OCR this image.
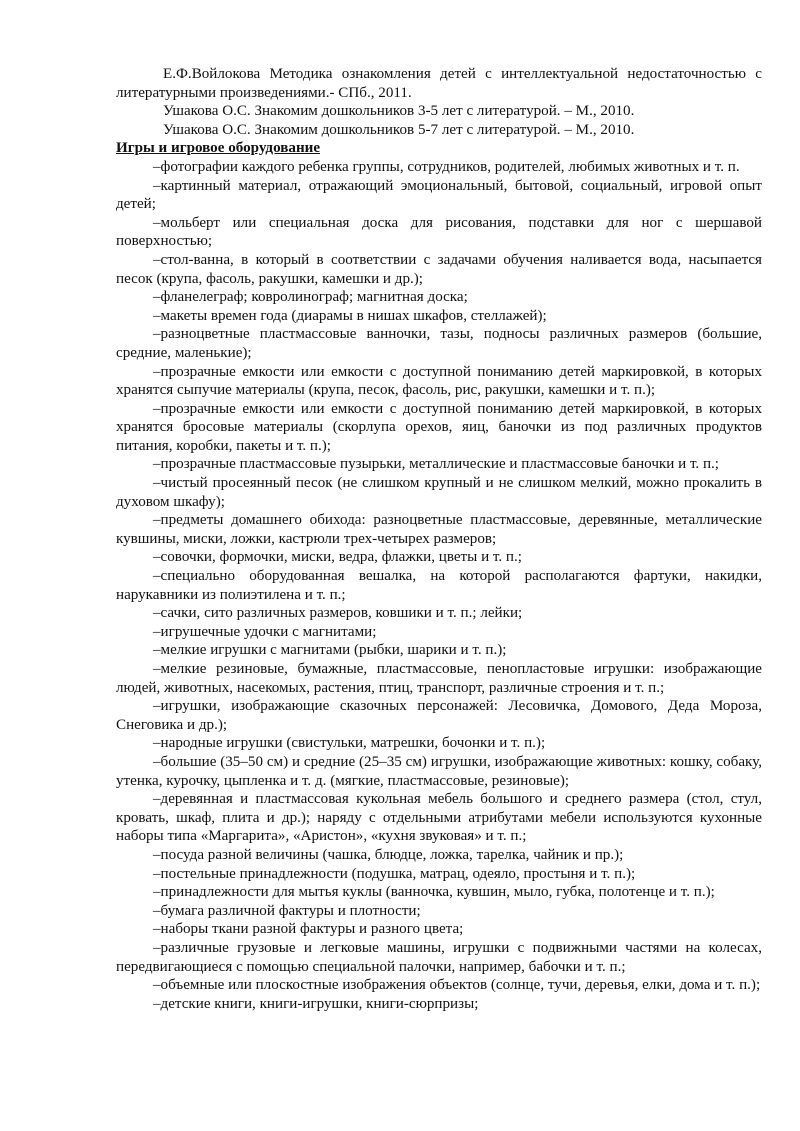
Е.Ф.Войлокова Методика ознакомления детей с интеллектуальной недостаточностью с литературными произведениями.- СПб., 2011.

Ушакова О.С. Знакомим дошкольников 3-5 лет с литературой. – М., 2010.

Ушакова О.С. Знакомим дошкольников 5-7 лет с литературой. – М., 2010.

Игры и игровое оборудование

–фотографии каждого ребенка группы, сотрудников, родителей, любимых животных и т. п.

–картинный материал, отражающий эмоциональный, бытовой, социальный, игровой опыт детей;

–мольберт или специальная доска для рисования, подставки для ног с шершавой поверхностью;

–стол-ванна, в который в соответствии с задачами обучения наливается вода, насыпается песок (крупа, фасоль, ракушки, камешки и др.);

–фланелеграф; ковролинограф; магнитная доска;

–макеты времен года (диарамы в нишах шкафов, стеллажей);

–разноцветные пластмассовые ванночки, тазы, подносы различных размеров (большие, средние, маленькие);

–прозрачные емкости или емкости с доступной пониманию детей маркировкой, в которых хранятся сыпучие материалы (крупа, песок, фасоль, рис, ракушки, камешки и т. п.);

–прозрачные емкости или емкости с доступной пониманию детей маркировкой, в которых хранятся бросовые материалы (скорлупа орехов, яиц, баночки из под различных продуктов питания, коробки, пакеты и т. п.);

–прозрачные пластмассовые пузырьки, металлические и пластмассовые баночки и т. п.;

–чистый просеянный песок (не слишком крупный и не слишком мелкий, можно прокалить в духовом шкафу);

–предметы домашнего обихода: разноцветные пластмассовые, деревянные, металлические кувшины, миски, ложки, кастрюли трех-четырех размеров;

–совочки, формочки, миски, ведра, флажки, цветы и т. п.;

–специально оборудованная вешалка, на которой располагаются фартуки, накидки, нарукавники из полиэтилена и т. п.;

–сачки, сито различных размеров, ковшики и т. п.; лейки;

–игрушечные удочки с магнитами;

–мелкие игрушки с магнитами (рыбки, шарики и т. п.);

–мелкие резиновые, бумажные, пластмассовые, пенопластовые игрушки: изображающие людей, животных, насекомых, растения, птиц, транспорт, различные строения и т. п.;

–игрушки, изображающие сказочных персонажей: Лесовичка, Домового, Деда Мороза, Снеговика и др.);

–народные игрушки (свистульки, матрешки, бочонки и т. п.);

–большие (35–50 см) и средние (25–35 см) игрушки, изображающие животных: кошку, собаку, утенка, курочку, цыпленка и т. д. (мягкие, пластмассовые, резиновые);

–деревянная и пластмассовая кукольная мебель большого и среднего размера (стол, стул, кровать, шкаф, плита и др.); наряду с отдельными атрибутами мебели используются кухонные наборы типа «Маргарита», «Аристон», «кухня звуковая» и т. п.;

–посуда разной величины (чашка, блюдце, ложка, тарелка, чайник и пр.);

–постельные принадлежности (подушка, матрац, одеяло, простыня и т. п.);

–принадлежности для мытья куклы (ванночка, кувшин, мыло, губка, полотенце и т. п.);

–бумага различной фактуры и плотности;

–наборы ткани разной фактуры и разного цвета;

–различные грузовые и легковые машины, игрушки с подвижными частями на колесах, передвигающиеся с помощью специальной палочки, например, бабочки и т. п.;

–объемные или плоскостные изображения объектов (солнце, тучи, деревья, елки, дома и т. п.);

–детские книги, книги-игрушки, книги-сюрпризы;
